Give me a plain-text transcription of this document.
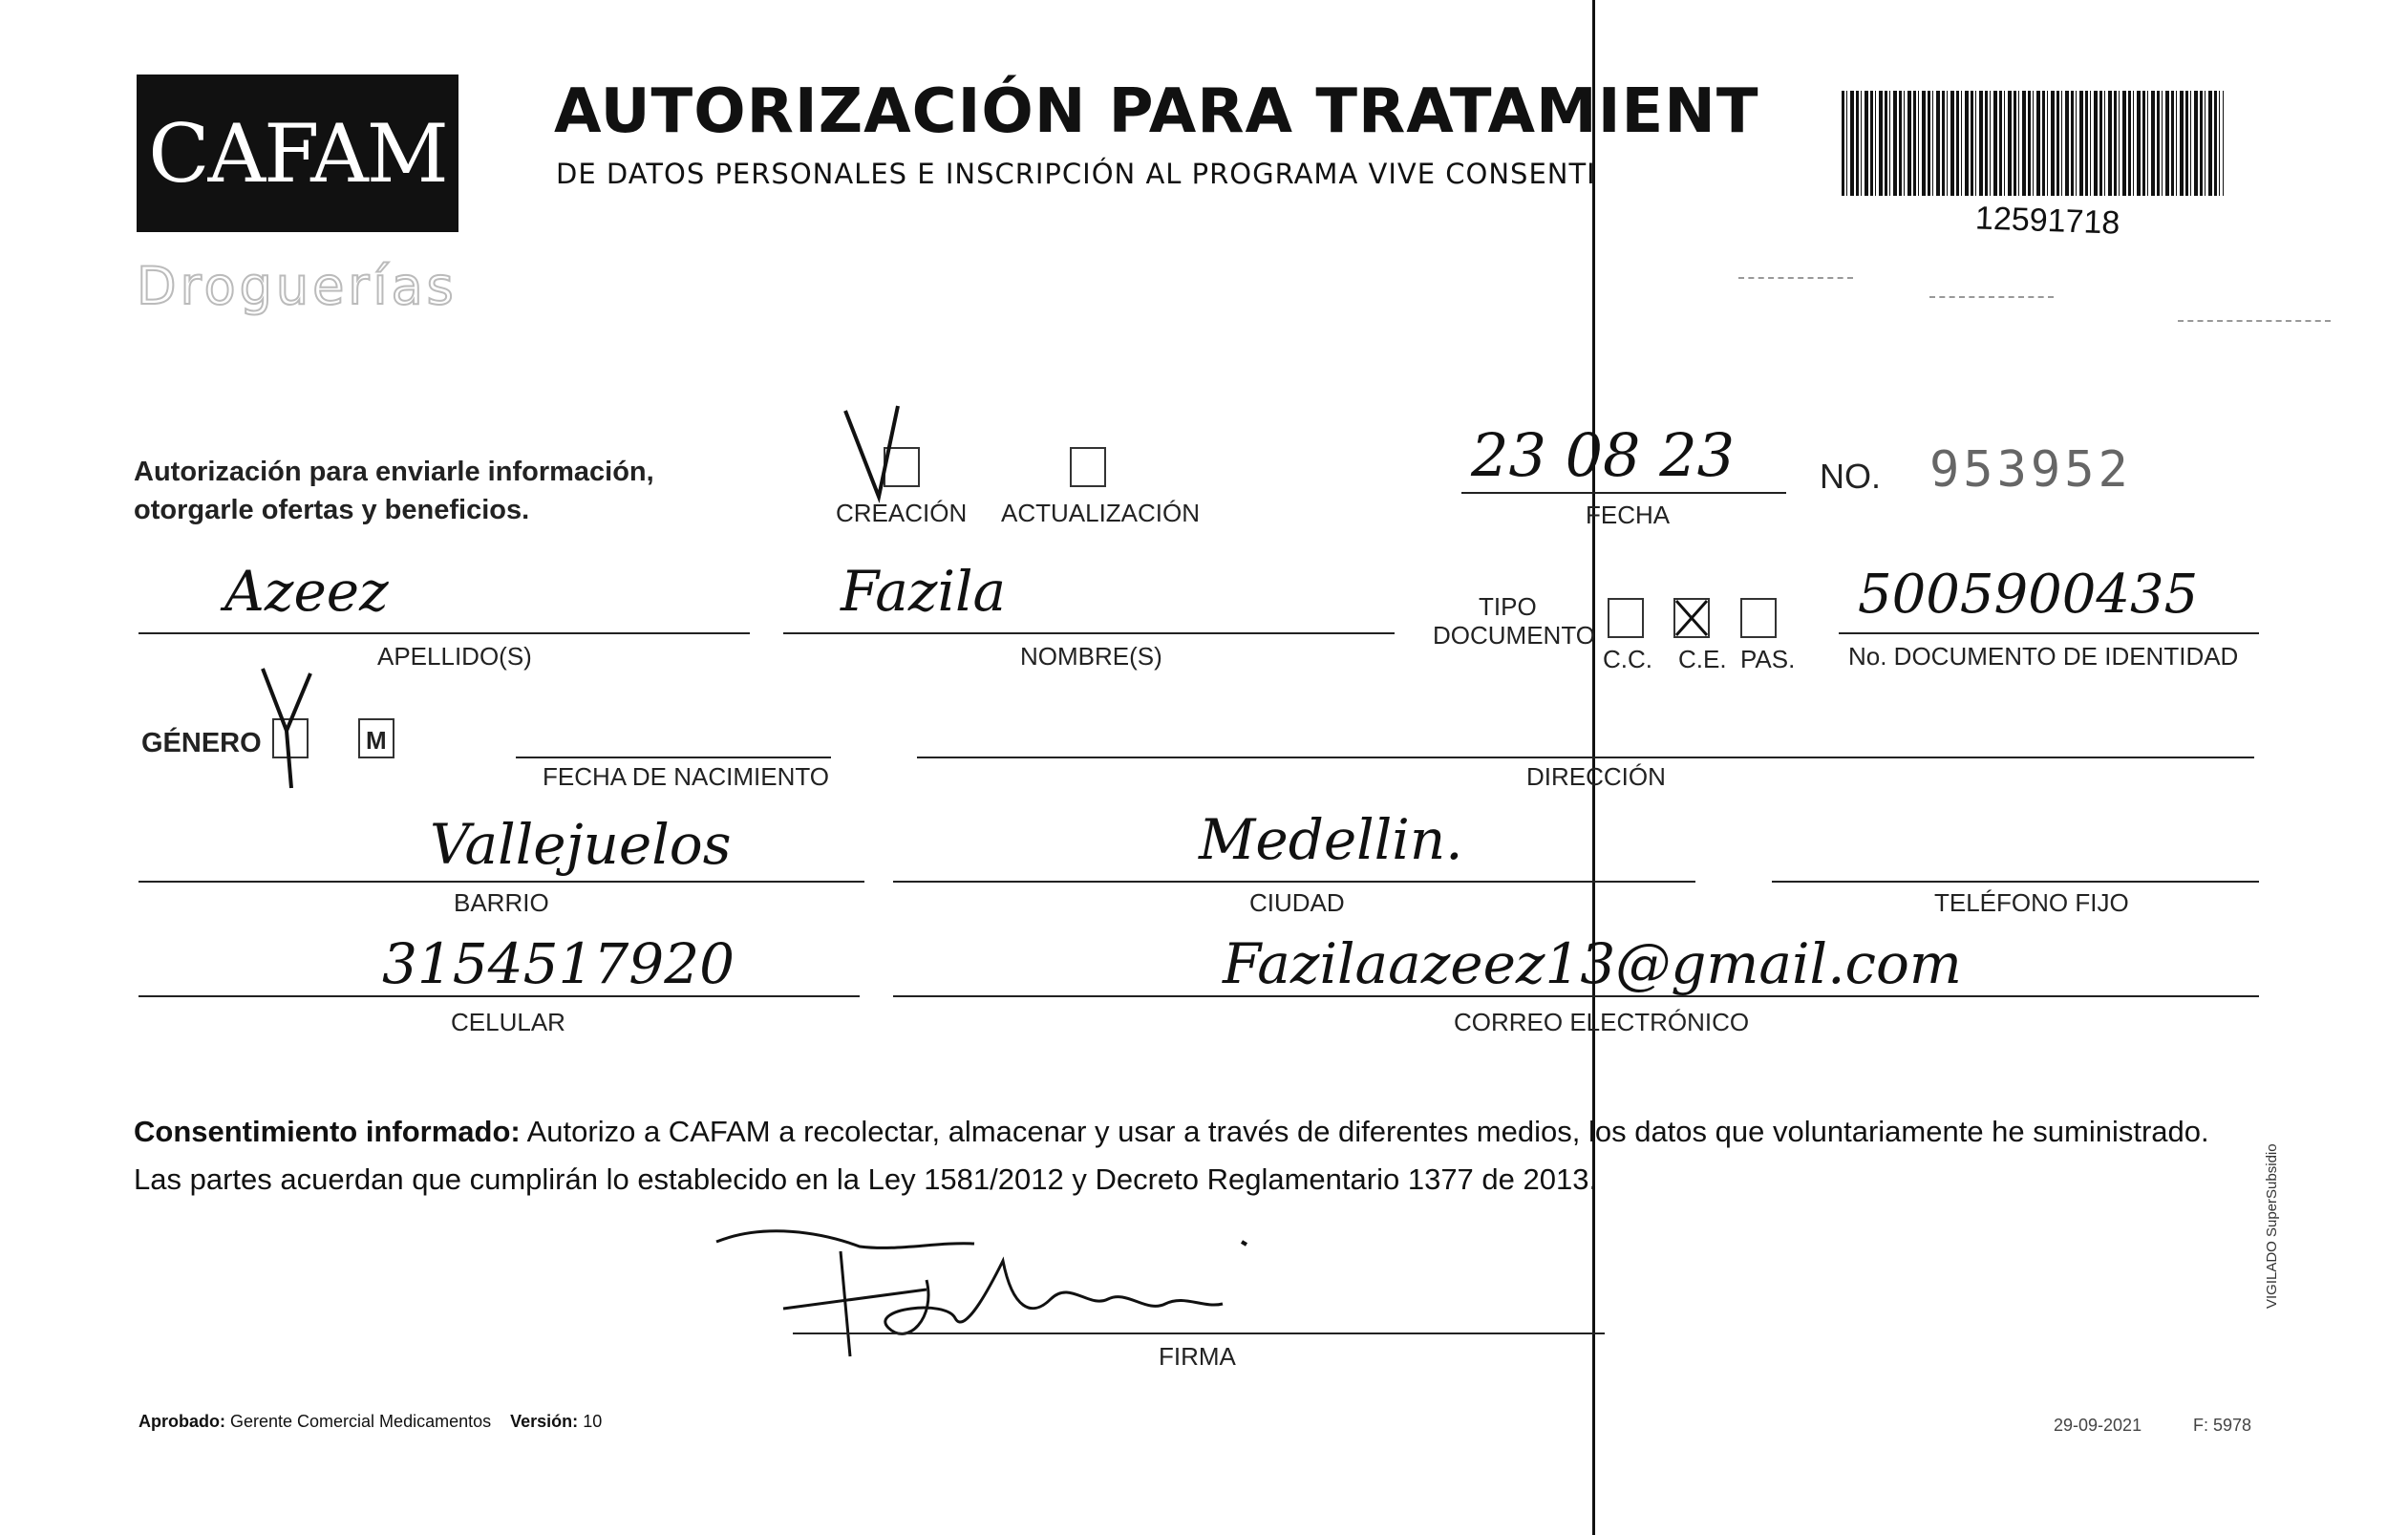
CAFAM
Droguerías
AUTORIZACIÓN PARA TRATAMIENT
DE DATOS PERSONALES E INSCRIPCIÓN AL PROGRAMA VIVE CONSENTI
12591718
Autorización para enviarle información,
otorgarle ofertas y beneficios.	CREACIÓN ACTUALIZACIÓN
23 08 23
FECHA
NO. 953952
Azeez
APELLIDO(S)
Fazila
NOMBRE(S)
TIPO
DOCUMENTO
C.C. C.E. PAS.
5005900435
No. DOCUMENTO DE IDENTIDAD
GÉNERO	M
FECHA DE NACIMIENTO	DIRECCIÓN
Vallejuelos
BARRIO
Medellin.
CIUDAD	TELÉFONO FIJO
3154517920
CELULAR
Fazilaazeez13@gmail.com
CORREO ELECTRÓNICO
Consentimiento informado: Autorizo a CAFAM a recolectar, almacenar y usar a través de diferentes medios, los datos que voluntariamente he suministrado.
Las partes acuerdan que cumplirán lo establecido en la Ley 1581/2012 y Decreto Reglamentario 1377 de 2013.
FIRMA
Aprobado: Gerente Comercial Medicamentos Versión: 10	29-09-2021	F: 5978
VIGILADO SuperSubsidio
